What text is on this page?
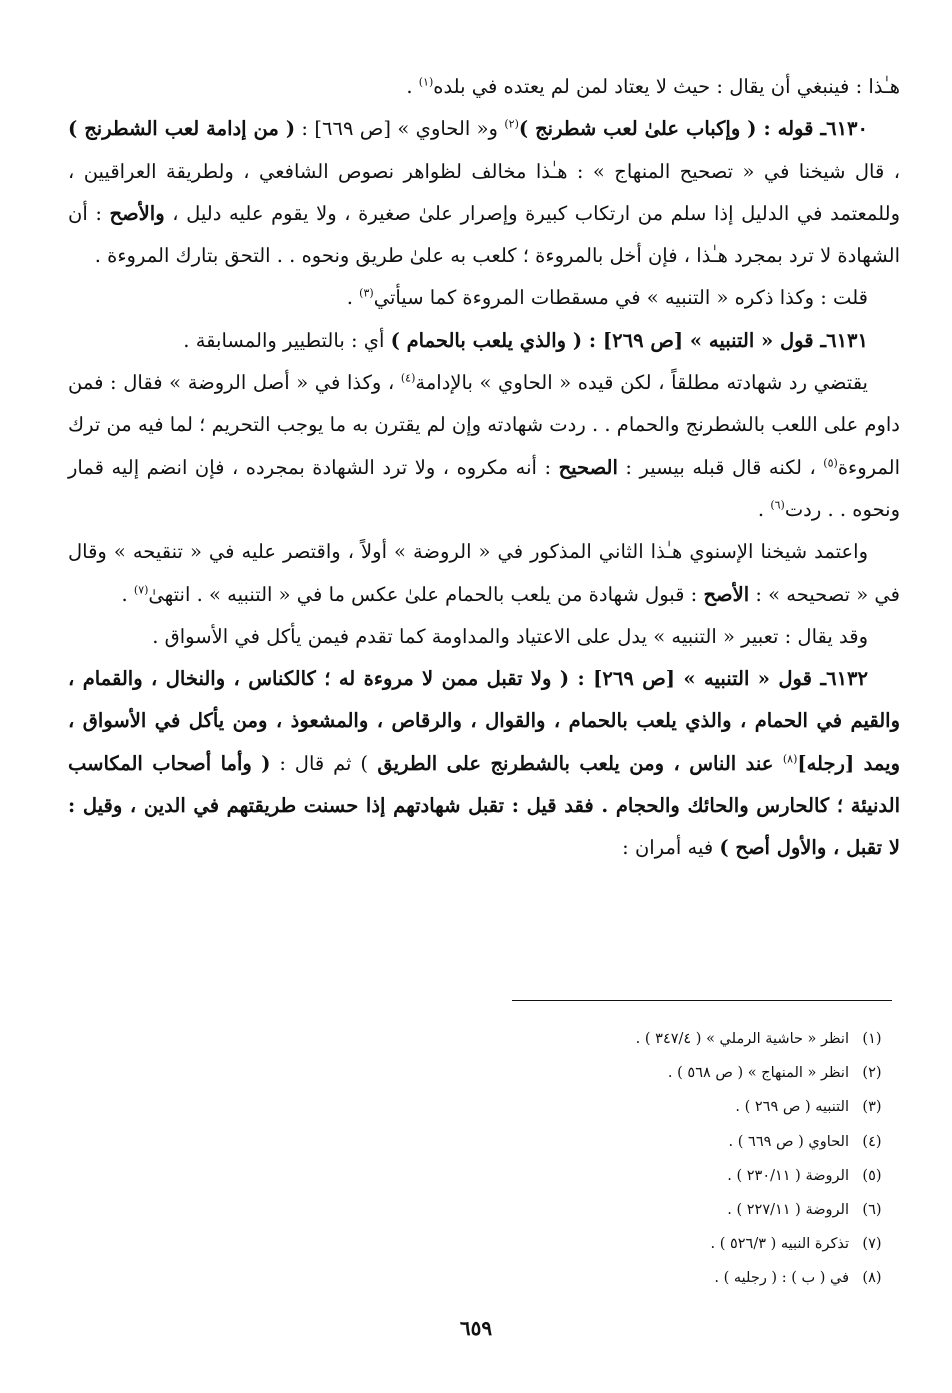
هـٰذا : فينبغي أن يقال : حيث لا يعتاد لمن لم يعتده في بلده$^{(١)}$ .

٦١٣٠ـ قوله : ( وإكباب علىٰ لعب شطرنج )$^{(٢)}$ و« الحاوي » [ص ٦٦٩] : ( من إدامة لعب الشطرنج ) ، قال شيخنا في « تصحيح المنهاج » : هـٰذا مخالف لظواهر نصوص الشافعي ، ولطريقة العراقيين ، وللمعتمد في الدليل إذا سلم من ارتكاب كبيرة وإصرار علىٰ صغيرة ، ولا يقوم عليه دليل ، والأصح : أن الشهادة لا ترد بمجرد هـٰذا ، فإن أخل بالمروءة ؛ كلعب به علىٰ طريق ونحوه . . التحق بتارك المروءة .

قلت : وكذا ذكره « التنبيه » في مسقطات المروءة كما سيأتي$^{(٣)}$ .

٦١٣١ـ قول « التنبيه » [ص ٢٦٩] : ( والذي يلعب بالحمام ) أي : بالتطيير والمسابقة .

يقتضي رد شهادته مطلقاً ، لكن قيده « الحاوي » بالإدامة$^{(٤)}$ ، وكذا في « أصل الروضة » فقال : فمن داوم على اللعب بالشطرنج والحمام . . ردت شهادته وإن لم يقترن به ما يوجب التحريم ؛ لما فيه من ترك المروءة$^{(٥)}$ ، لكنه قال قبله بيسير : الصحيح : أنه مكروه ، ولا ترد الشهادة بمجرده ، فإن انضم إليه قمار ونحوه . . ردت$^{(٦)}$ .

واعتمد شيخنا الإسنوي هـٰذا الثاني المذكور في « الروضة » أولاً ، واقتصر عليه في « تنقيحه » وقال في « تصحيحه » : الأصح : قبول شهادة من يلعب بالحمام علىٰ عكس ما في « التنبيه » . انتهىٰ$^{(٧)}$ .

وقد يقال : تعبير « التنبيه » يدل على الاعتياد والمداومة كما تقدم فيمن يأكل في الأسواق .

٦١٣٢ـ قول « التنبيه » [ص ٢٦٩] : ( ولا تقبل ممن لا مروءة له ؛ كالكناس ، والنخال ، والقمام ، والقيم في الحمام ، والذي يلعب بالحمام ، والقوال ، والرقاص ، والمشعوذ ، ومن يأكل في الأسواق ، ويمد [رجله]$^{(٨)}$ عند الناس ، ومن يلعب بالشطرنج على الطريق ) ثم قال : ( وأما أصحاب المكاسب الدنيئة ؛ كالحارس والحائك والحجام . فقد قيل : تقبل شهادتهم إذا حسنت طريقتهم في الدين ، وقيل : لا تقبل ، والأول أصح ) فيه أمران :

(١)انظر « حاشية الرملي » ( ٣٤٧/٤ ) .
(٢)انظر « المنهاج » ( ص ٥٦٨ ) .
(٣)التنبيه ( ص ٢٦٩ ) .
(٤)الحاوي ( ص ٦٦٩ ) .
(٥)الروضة ( ٢٣٠/١١ ) .
(٦)الروضة ( ٢٢٧/١١ ) .
(٧)تذكرة النبيه ( ٥٢٦/٣ ) .
(٨)في ( ب ) : ( رجليه ) .
٦٥٩
